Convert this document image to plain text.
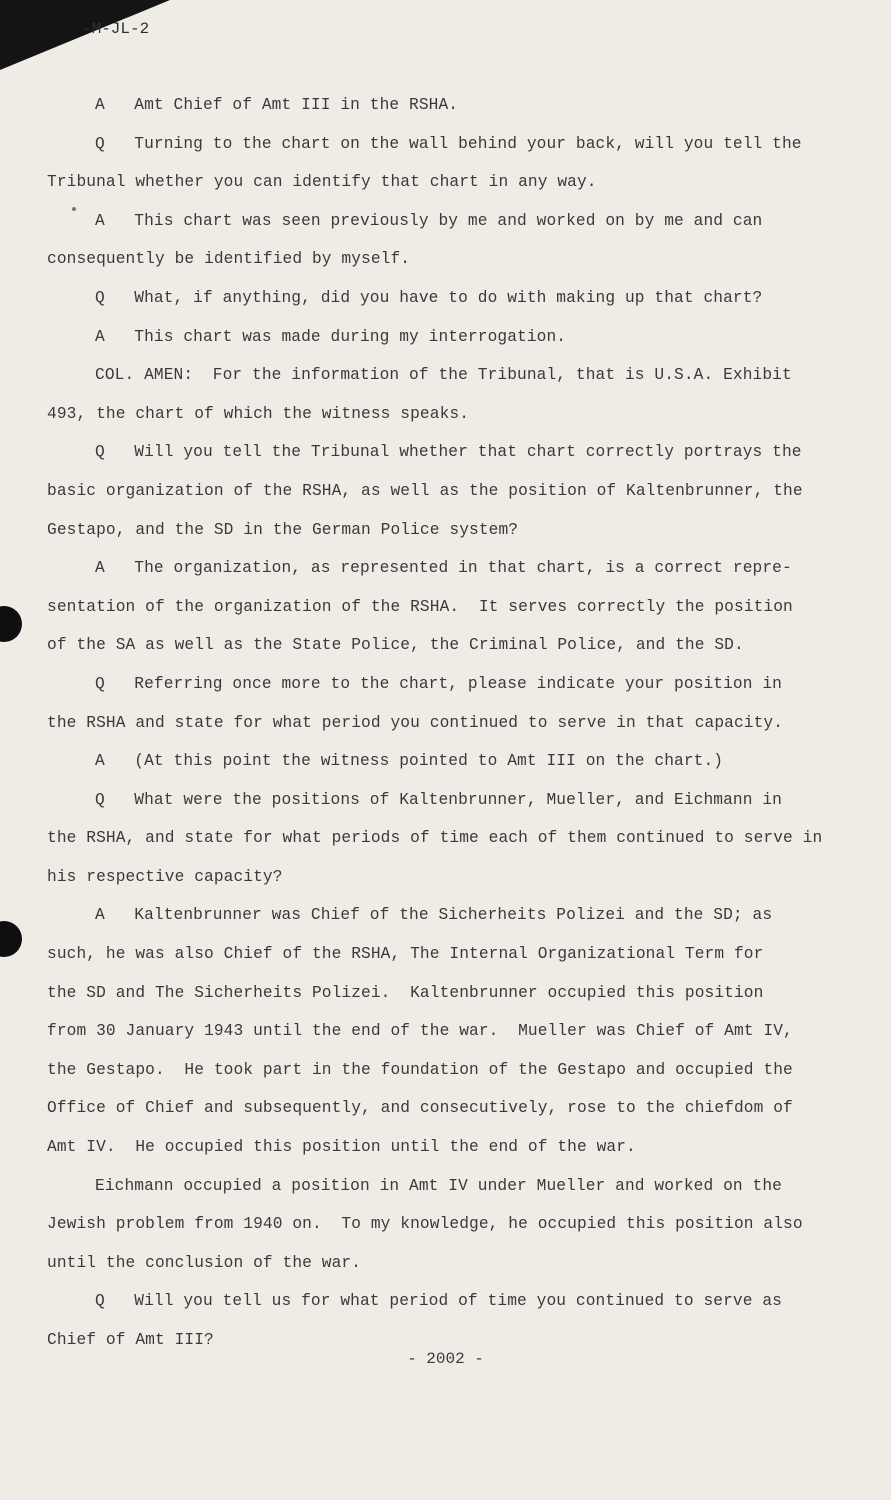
-M-JL-2
A   Amt Chief of Amt III in the RSHA.
Q   Turning to the chart on the wall behind your back, will you tell the
Tribunal whether you can identify that chart in any way.
A   This chart was seen previously by me and worked on by me and can
consequently be identified by myself.
Q   What, if anything, did you have to do with making up that chart?
A   This chart was made during my interrogation.
COL. AMEN:  For the information of the Tribunal, that is U.S.A. Exhibit
493, the chart of which the witness speaks.
Q   Will you tell the Tribunal whether that chart correctly portrays the
basic organization of the RSHA, as well as the position of Kaltenbrunner, the
Gestapo, and the SD in the German Police system?
A   The organization, as represented in that chart, is a correct repre-
sentation of the organization of the RSHA.  It serves correctly the position
of the SA as well as the State Police, the Criminal Police, and the SD.
Q   Referring once more to the chart, please indicate your position in
the RSHA and state for what period you continued to serve in that capacity.
A   (At this point the witness pointed to Amt III on the chart.)
Q   What were the positions of Kaltenbrunner, Mueller, and Eichmann in
the RSHA, and state for what periods of time each of them continued to serve in
his respective capacity?
A   Kaltenbrunner was Chief of the Sicherheits Polizei and the SD; as
such, he was also Chief of the RSHA, The Internal Organizational Term for
the SD and The Sicherheits Polizei.  Kaltenbrunner occupied this position
from 30 January 1943 until the end of the war.  Mueller was Chief of Amt IV,
the Gestapo.  He took part in the foundation of the Gestapo and occupied the
Office of Chief and subsequently, and consecutively, rose to the chiefdom of
Amt IV.  He occupied this position until the end of the war.
Eichmann occupied a position in Amt IV under Mueller and worked on the
Jewish problem from 1940 on.  To my knowledge, he occupied this position also
until the conclusion of the war.
Q   Will you tell us for what period of time you continued to serve as
Chief of Amt III?
- 2002 -
